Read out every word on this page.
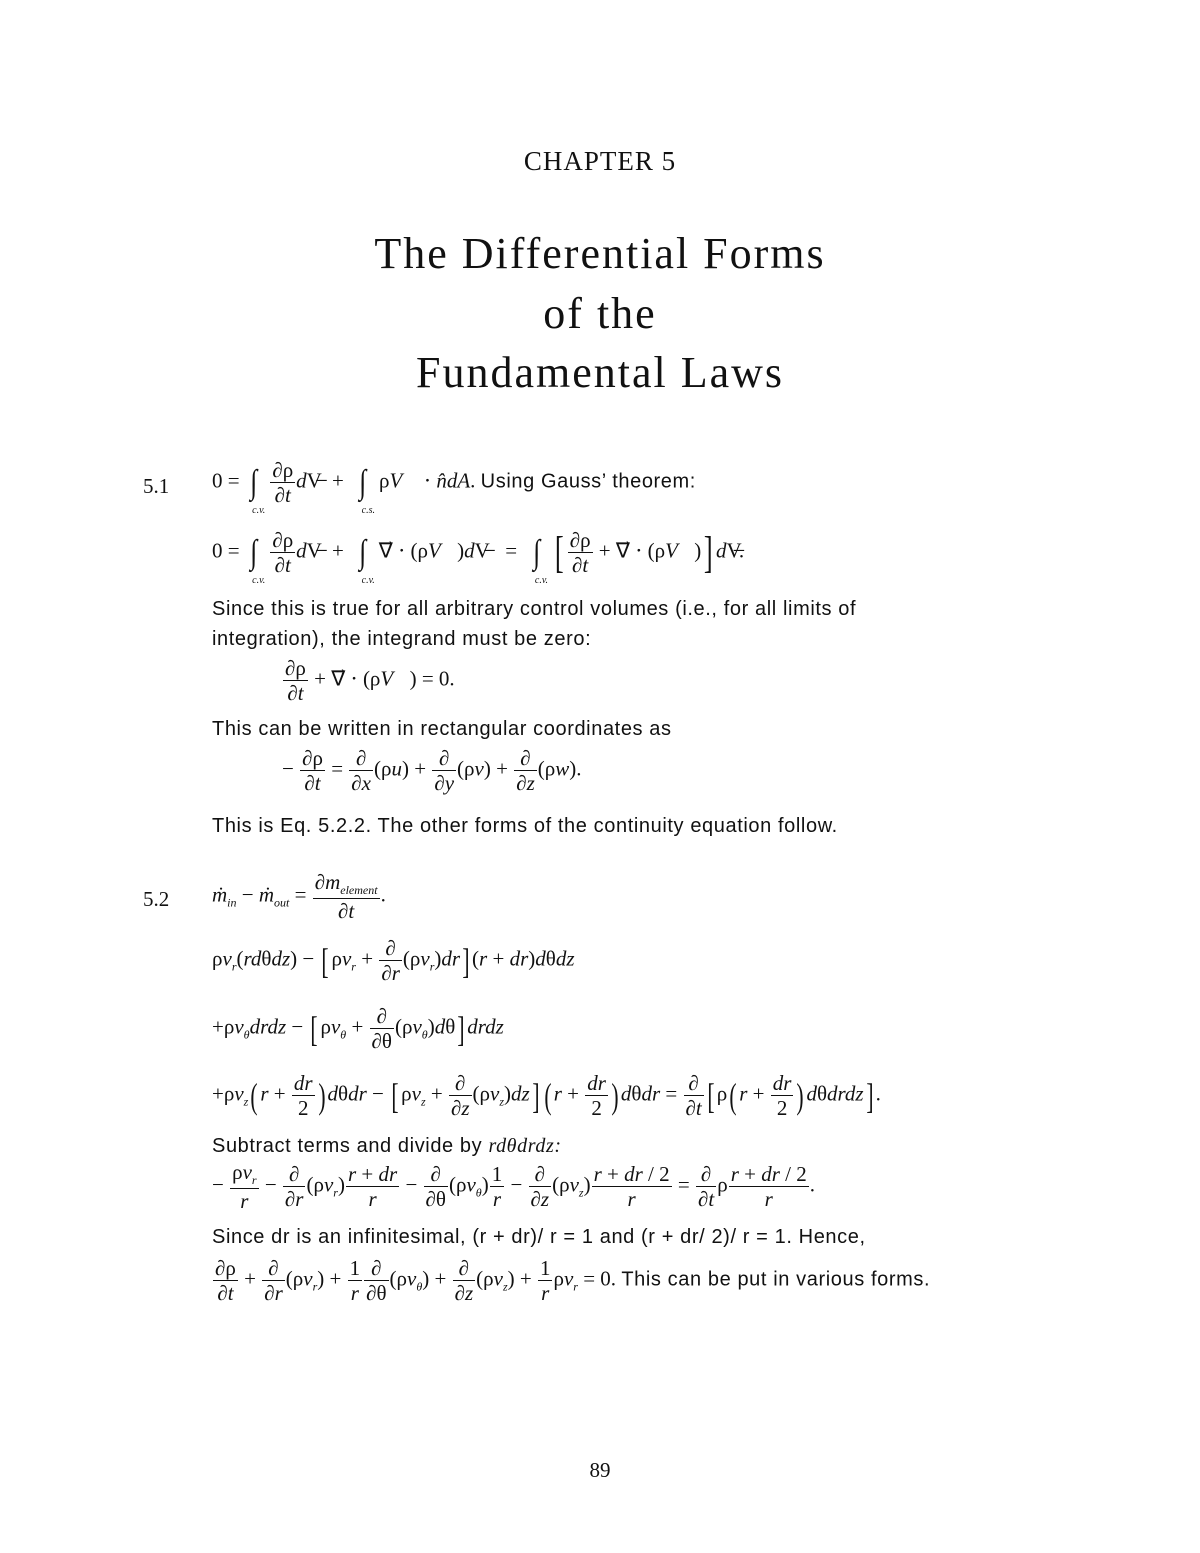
CHAPTER 5
The Differential Forms
of the
Fundamental Laws
5.1 0 = ∫c.v.
$\frac{\partial\rho}{\partial t}$ dV̶  +  ∫c.s.ρV⃗ ⋅ n̂dA. Using Gauss’ theorem:
0 = ∫c.v.
$\frac{\partial\rho}{\partial t}$ dV̶  +  ∫c.v.∇⃗ ⋅ (ρV⃗)dV̶   =  $\int c.v.[ \frac{\partial\rho}{\partial t}$ + ∇⃗ ⋅ (ρV⃗)] dV̶.
Since this is true for all arbitrary control volumes (i.e., for all limits of
integration), the integrand must be zero:
$\frac{\partial\rho}{\partial t}$ + ∇⃗ ⋅ (ρV⃗) = 0.
This can be written in rectangular coordinates as
− $\frac{\partial\rho}{\partial t} = \frac{\partial}{\partial x} (\rho u) + \frac{\partial}{\partial y} (\rho v) + \frac{\partial}{\partial z} (\rho w)$.
This is Eq. 5.2.2. The other forms of the continuity equation follow.
5.2 ṁ$_{in}$ − ṁ$_{out}$ = $\frac{\partial m_{element}}{\partial t}$ .
$\rho v_r(rd\theta dz)$ − [ $\rho v_r + \frac{\partial}{\partial r} (\rho v_r)dr$] (r + dr)dθdz
$+\rho v_\theta drdz$ − [ $\rho v_\theta + \frac{\partial}{\partial\theta} (\rho v_\theta)d\theta$] drdz
$+\rho v_z$( $r + \frac{dr}{2}$ ) dθdr − [ $\rho v_z + \frac{\partial}{\partial z} (\rho v_z)dz$] ( $r + \frac{dr}{2}$ ) $d\theta dr = \frac{\partial}{\partial t}$ [ ρ( $r + \frac{dr}{2}$ ) dθdrdz] .
Subtract terms and divide by rdθdrdz:
− $\frac{\rho v_r}{r} - \frac{\partial}{\partial r} (\rho v_r) \frac{r + dr}{r} - \frac{\partial}{\partial\theta} (\rho v_\theta) \frac{1}{r} - \frac{\partial}{\partial z} (\rho v_z) \frac{r + dr / 2}{r} = \frac{\partial}{\partial t}$ ρ $\frac{r + dr / 2}{r}$ .
Since dr is an infinitesimal, (r + dr)/ r = 1 and (r + dr/ 2)/ r = 1. Hence,
$\frac{\partial\rho}{\partial t} + \frac{\partial}{\partial r} (\rho v_r) + \frac{1}{r} \frac{\partial}{\partial\theta} (\rho v_\theta) + \frac{\partial}{\partial z} (\rho v_z) + \frac{1}{r} \rho v_r = 0$. This can be put in various forms.
89
